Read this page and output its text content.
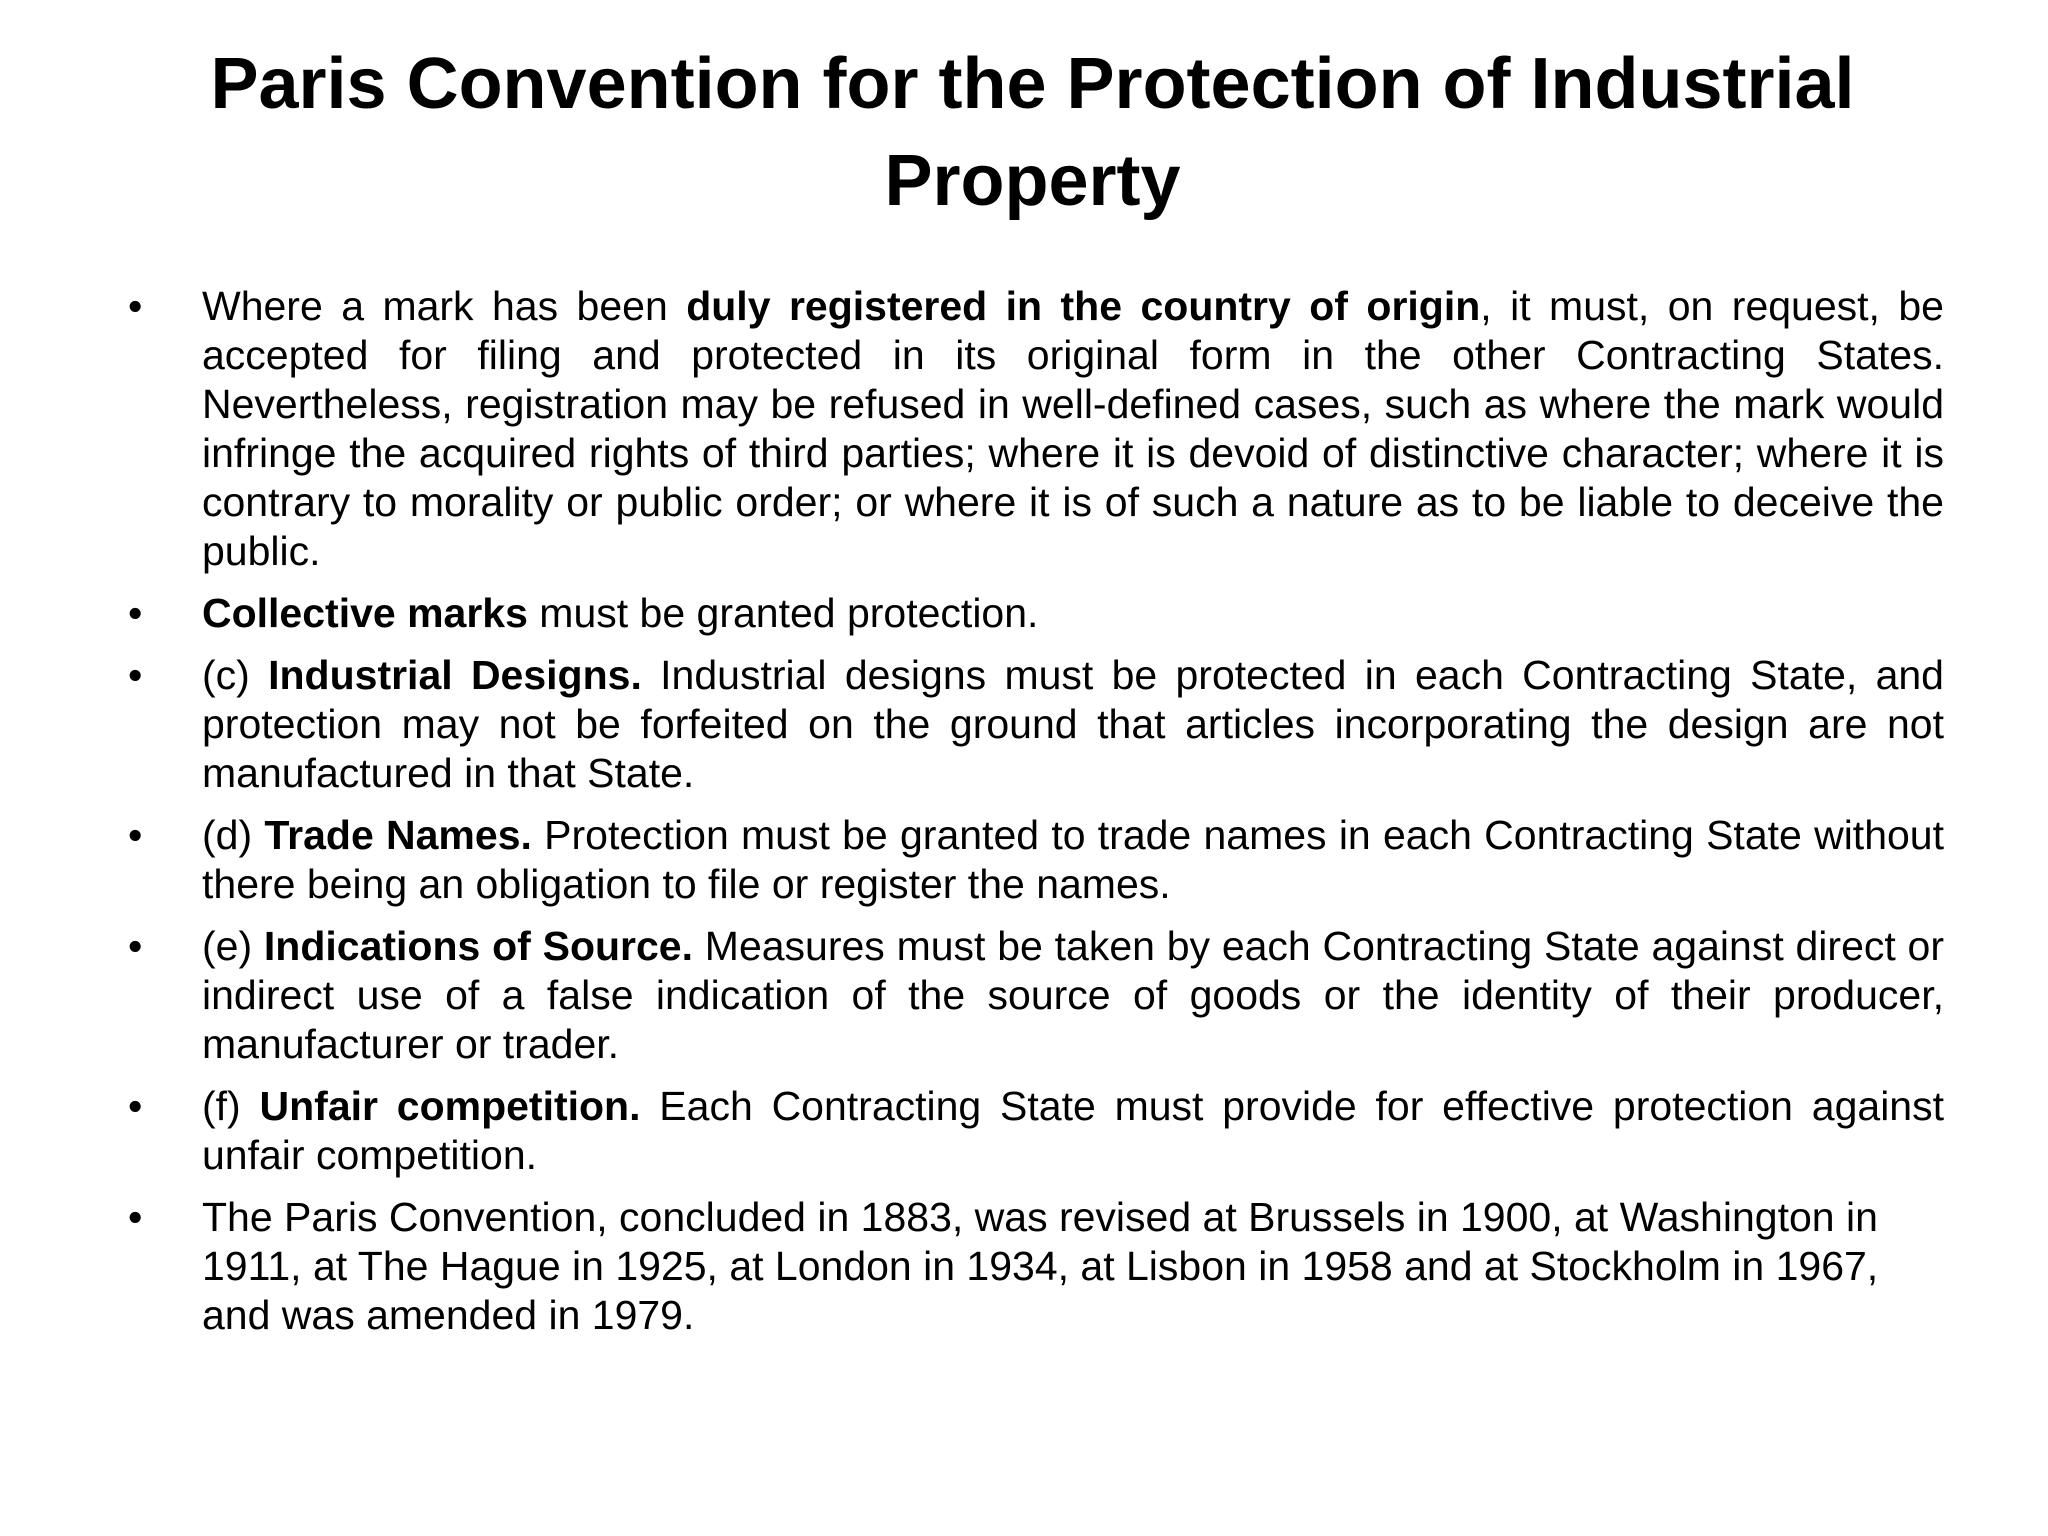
Paris Convention for the Protection of Industrial Property
•	Where a mark has been duly registered in the country of origin, it must, on request, be accepted for filing and protected in its original form in the other Contracting States. Nevertheless, registration may be refused in well-defined cases, such as where the mark would infringe the acquired rights of third parties; where it is devoid of distinctive character; where it is contrary to morality or public order; or where it is of such a nature as to be liable to deceive the public.
•	Collective marks must be granted protection.
•	(c) Industrial Designs. Industrial designs must be protected in each Contracting State, and protection may not be forfeited on the ground that articles incorporating the design are not manufactured in that State.
•	(d) Trade Names. Protection must be granted to trade names in each Contracting State without there being an obligation to file or register the names.
•	(e) Indications of Source. Measures must be taken by each Contracting State against direct or indirect use of a false indication of the source of goods or the identity of their producer, manufacturer or trader.
•	(f) Unfair competition. Each Contracting State must provide for effective protection against unfair competition.
•	The Paris Convention, concluded in 1883, was revised at Brussels in 1900, at Washington in 1911, at The Hague in 1925, at London in 1934, at Lisbon in 1958 and at Stockholm in 1967, and was amended in 1979.
